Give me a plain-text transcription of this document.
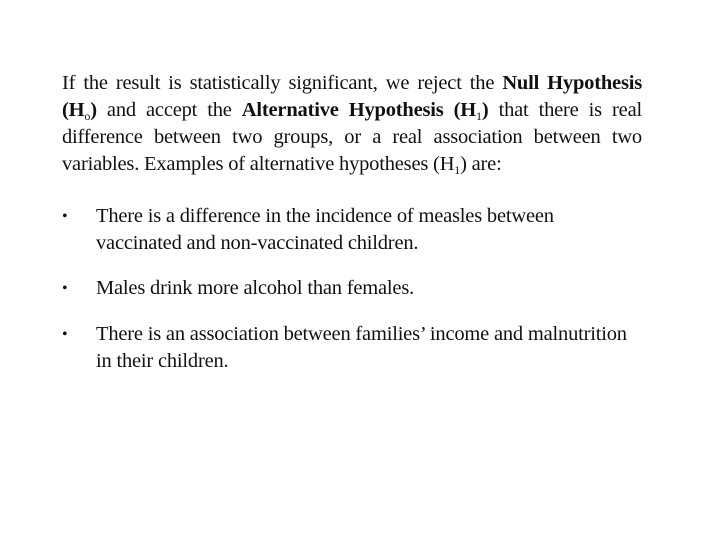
If the result is statistically significant, we reject the Null Hypothesis $(H_o)$ and accept the Alternative Hypothesis $(H_1)$ that there is real difference between two groups, or a real association between two variables. Examples of alternative hypotheses $(H_1)$ are:

• There is a difference in the incidence of measles between vaccinated and non-vaccinated children.
• Males drink more alcohol than females.
• There is an association between families’ income and malnutrition in their children.
